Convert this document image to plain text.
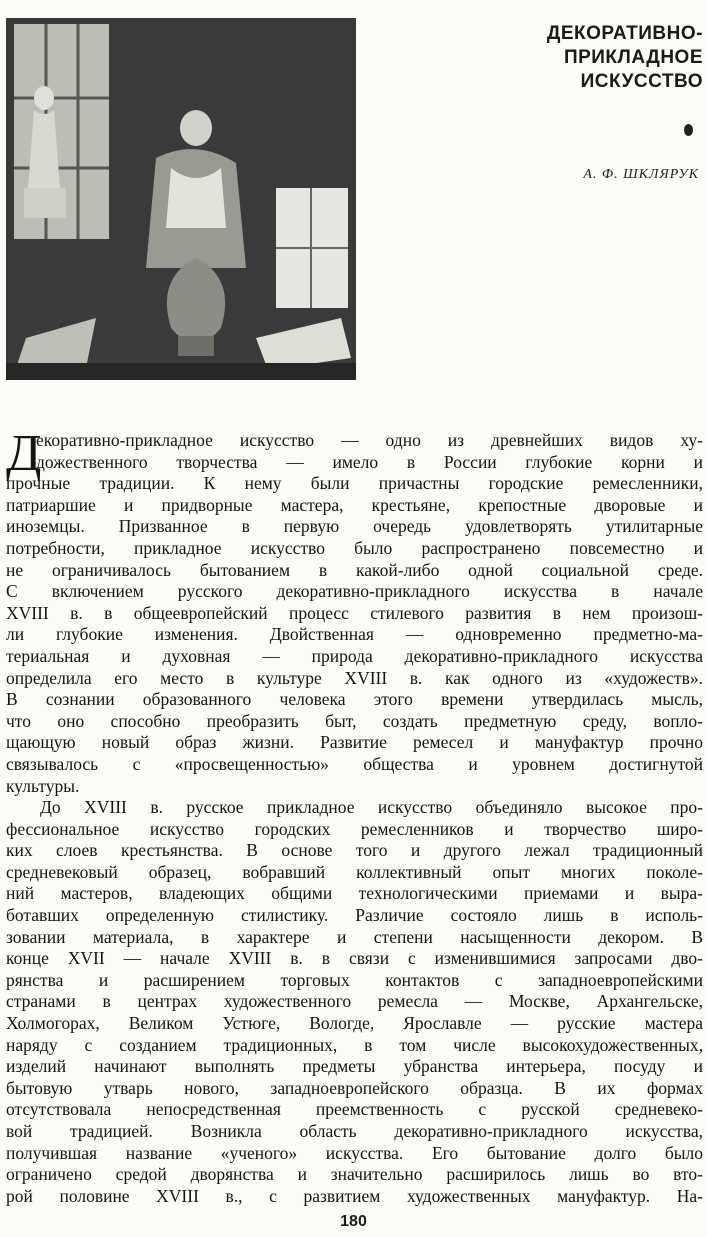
ДЕКОРАТИВНО-
ПРИКЛАДНОЕ
ИСКУССТВО
А. Ф. ШКЛЯРУК
Д
екоративно-прикладное искусство — одно из древнейших видов ху-
дожественного творчества — имело в России глубокие корни и
прочные традиции. К нему были причастны городские ремесленники,
патриаршие и придворные мастера, крестьяне, крепостные дворовые и
иноземцы. Призванное в первую очередь удовлетворять утилитарные
потребности, прикладное искусство было распространено повсеместно и
не ограничивалось бытованием в какой-либо одной социальной среде.
С включением русского декоративно-прикладного искусства в начале
XVIII в. в общеевропейский процесс стилевого развития в нем произош-
ли глубокие изменения. Двойственная — одновременно предметно-ма-
териальная и духовная — природа декоративно-прикладного искусства
определила его место в культуре XVIII в. как одного из «художеств».
В сознании образованного человека этого времени утвердилась мысль,
что оно способно преобразить быт, создать предметную среду, вопло-
щающую новый образ жизни. Развитие ремесел и мануфактур прочно
связывалось с «просвещенностью» общества и уровнем достигнутой
культуры.
До XVIII в. русское прикладное искусство объединяло высокое про-
фессиональное искусство городских ремесленников и творчество широ-
ких слоев крестьянства. В основе того и другого лежал традиционный
средневековый образец, вобравший коллективный опыт многих поколе-
ний мастеров, владеющих общими технологическими приемами и выра-
ботавших определенную стилистику. Различие состояло лишь в исполь-
зовании материала, в характере и степени насыщенности декором. В
конце XVII — начале XVIII в. в связи с изменившимися запросами дво-
рянства и расширением торговых контактов с западноевропейскими
странами в центрах художественного ремесла — Москве, Архангельске,
Холмогорах, Великом Устюге, Вологде, Ярославле — русские мастера
наряду с созданием традиционных, в том числе высокохудожественных,
изделий начинают выполнять предметы убранства интерьера, посуду и
бытовую утварь нового, западноевропейского образца. В их формах
отсутствовала непосредственная преемственность с русской средневеко-
вой традицией. Возникла область декоративно-прикладного искусства,
получившая название «ученого» искусства. Его бытование долго было
ограничено средой дворянства и значительно расширилось лишь во вто-
рой половине XVIII в., с развитием художественных мануфактур. На-
180
